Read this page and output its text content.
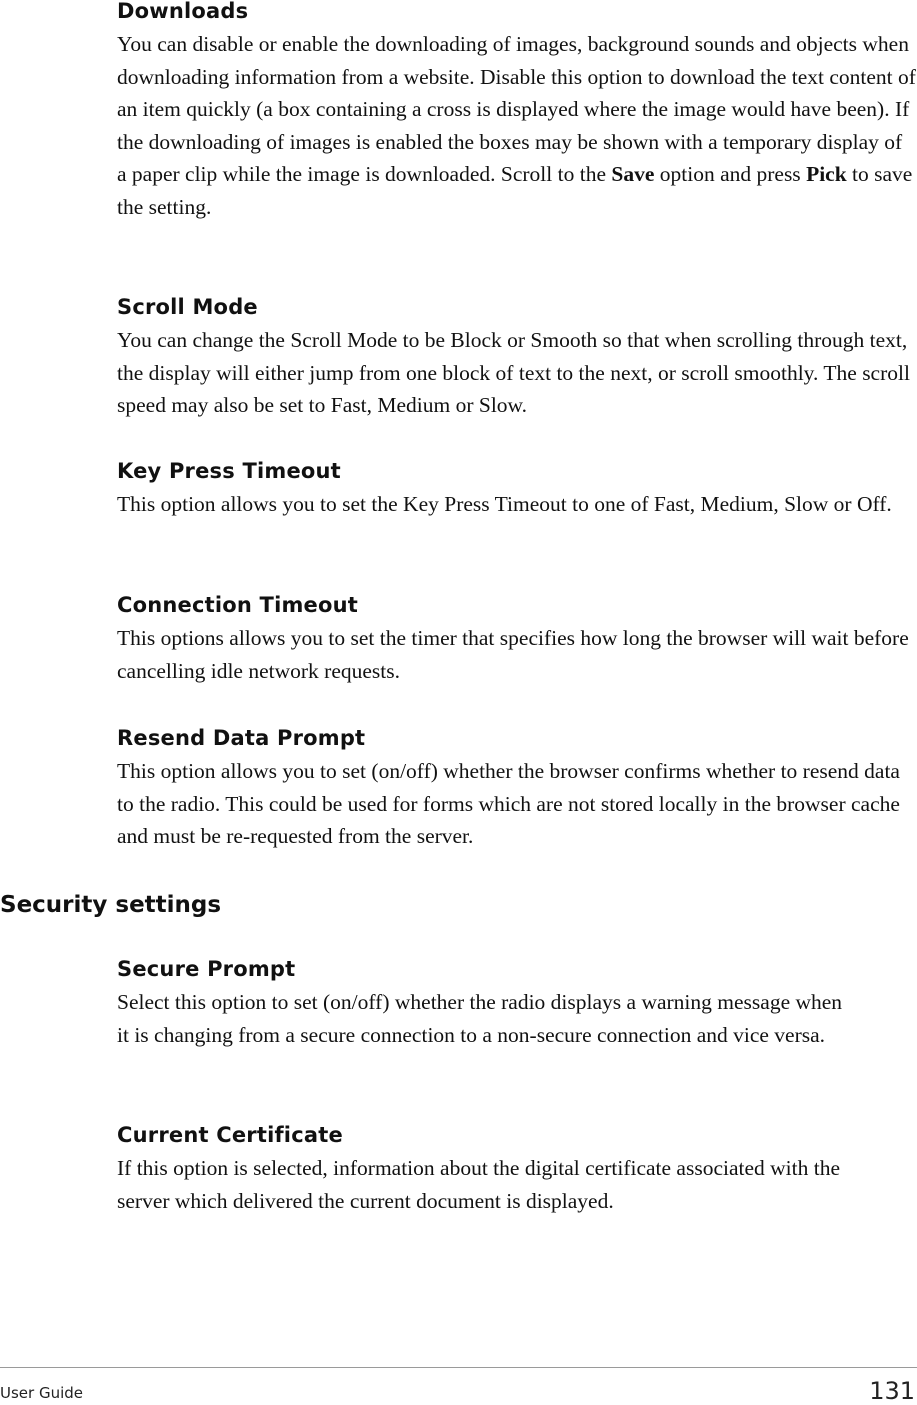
Downloads

You can disable or enable the downloading of images, background sounds and objects when downloading information from a website. Disable this option to download the text content of an item quickly (a box containing a cross is displayed where the image would have been). If the downloading of images is enabled the boxes may be shown with a temporary display of a paper clip while the image is downloaded. Scroll to the Save option and press Pick to save the setting.

Scroll Mode

You can change the Scroll Mode to be Block or Smooth so that when scrolling through text, the display will either jump from one block of text to the next, or scroll smoothly. The scroll speed may also be set to Fast, Medium or Slow.

Key Press Timeout

This option allows you to set the Key Press Timeout to one of Fast, Medium, Slow or Off.

Connection Timeout

This options allows you to set the timer that specifies how long the browser will wait before cancelling idle network requests.

Resend Data Prompt

This option allows you to set (on/off) whether the browser confirms whether to resend data to the radio. This could be used for forms which are not stored locally in the browser cache and must be re-requested from the server.

Security settings
Secure Prompt

Select this option to set (on/off) whether the radio displays a warning message when it is changing from a secure connection to a non-secure connection and vice versa.

Current Certificate

If this option is selected, information about the digital certificate associated with the server which delivered the current document is displayed.

User Guide	131
